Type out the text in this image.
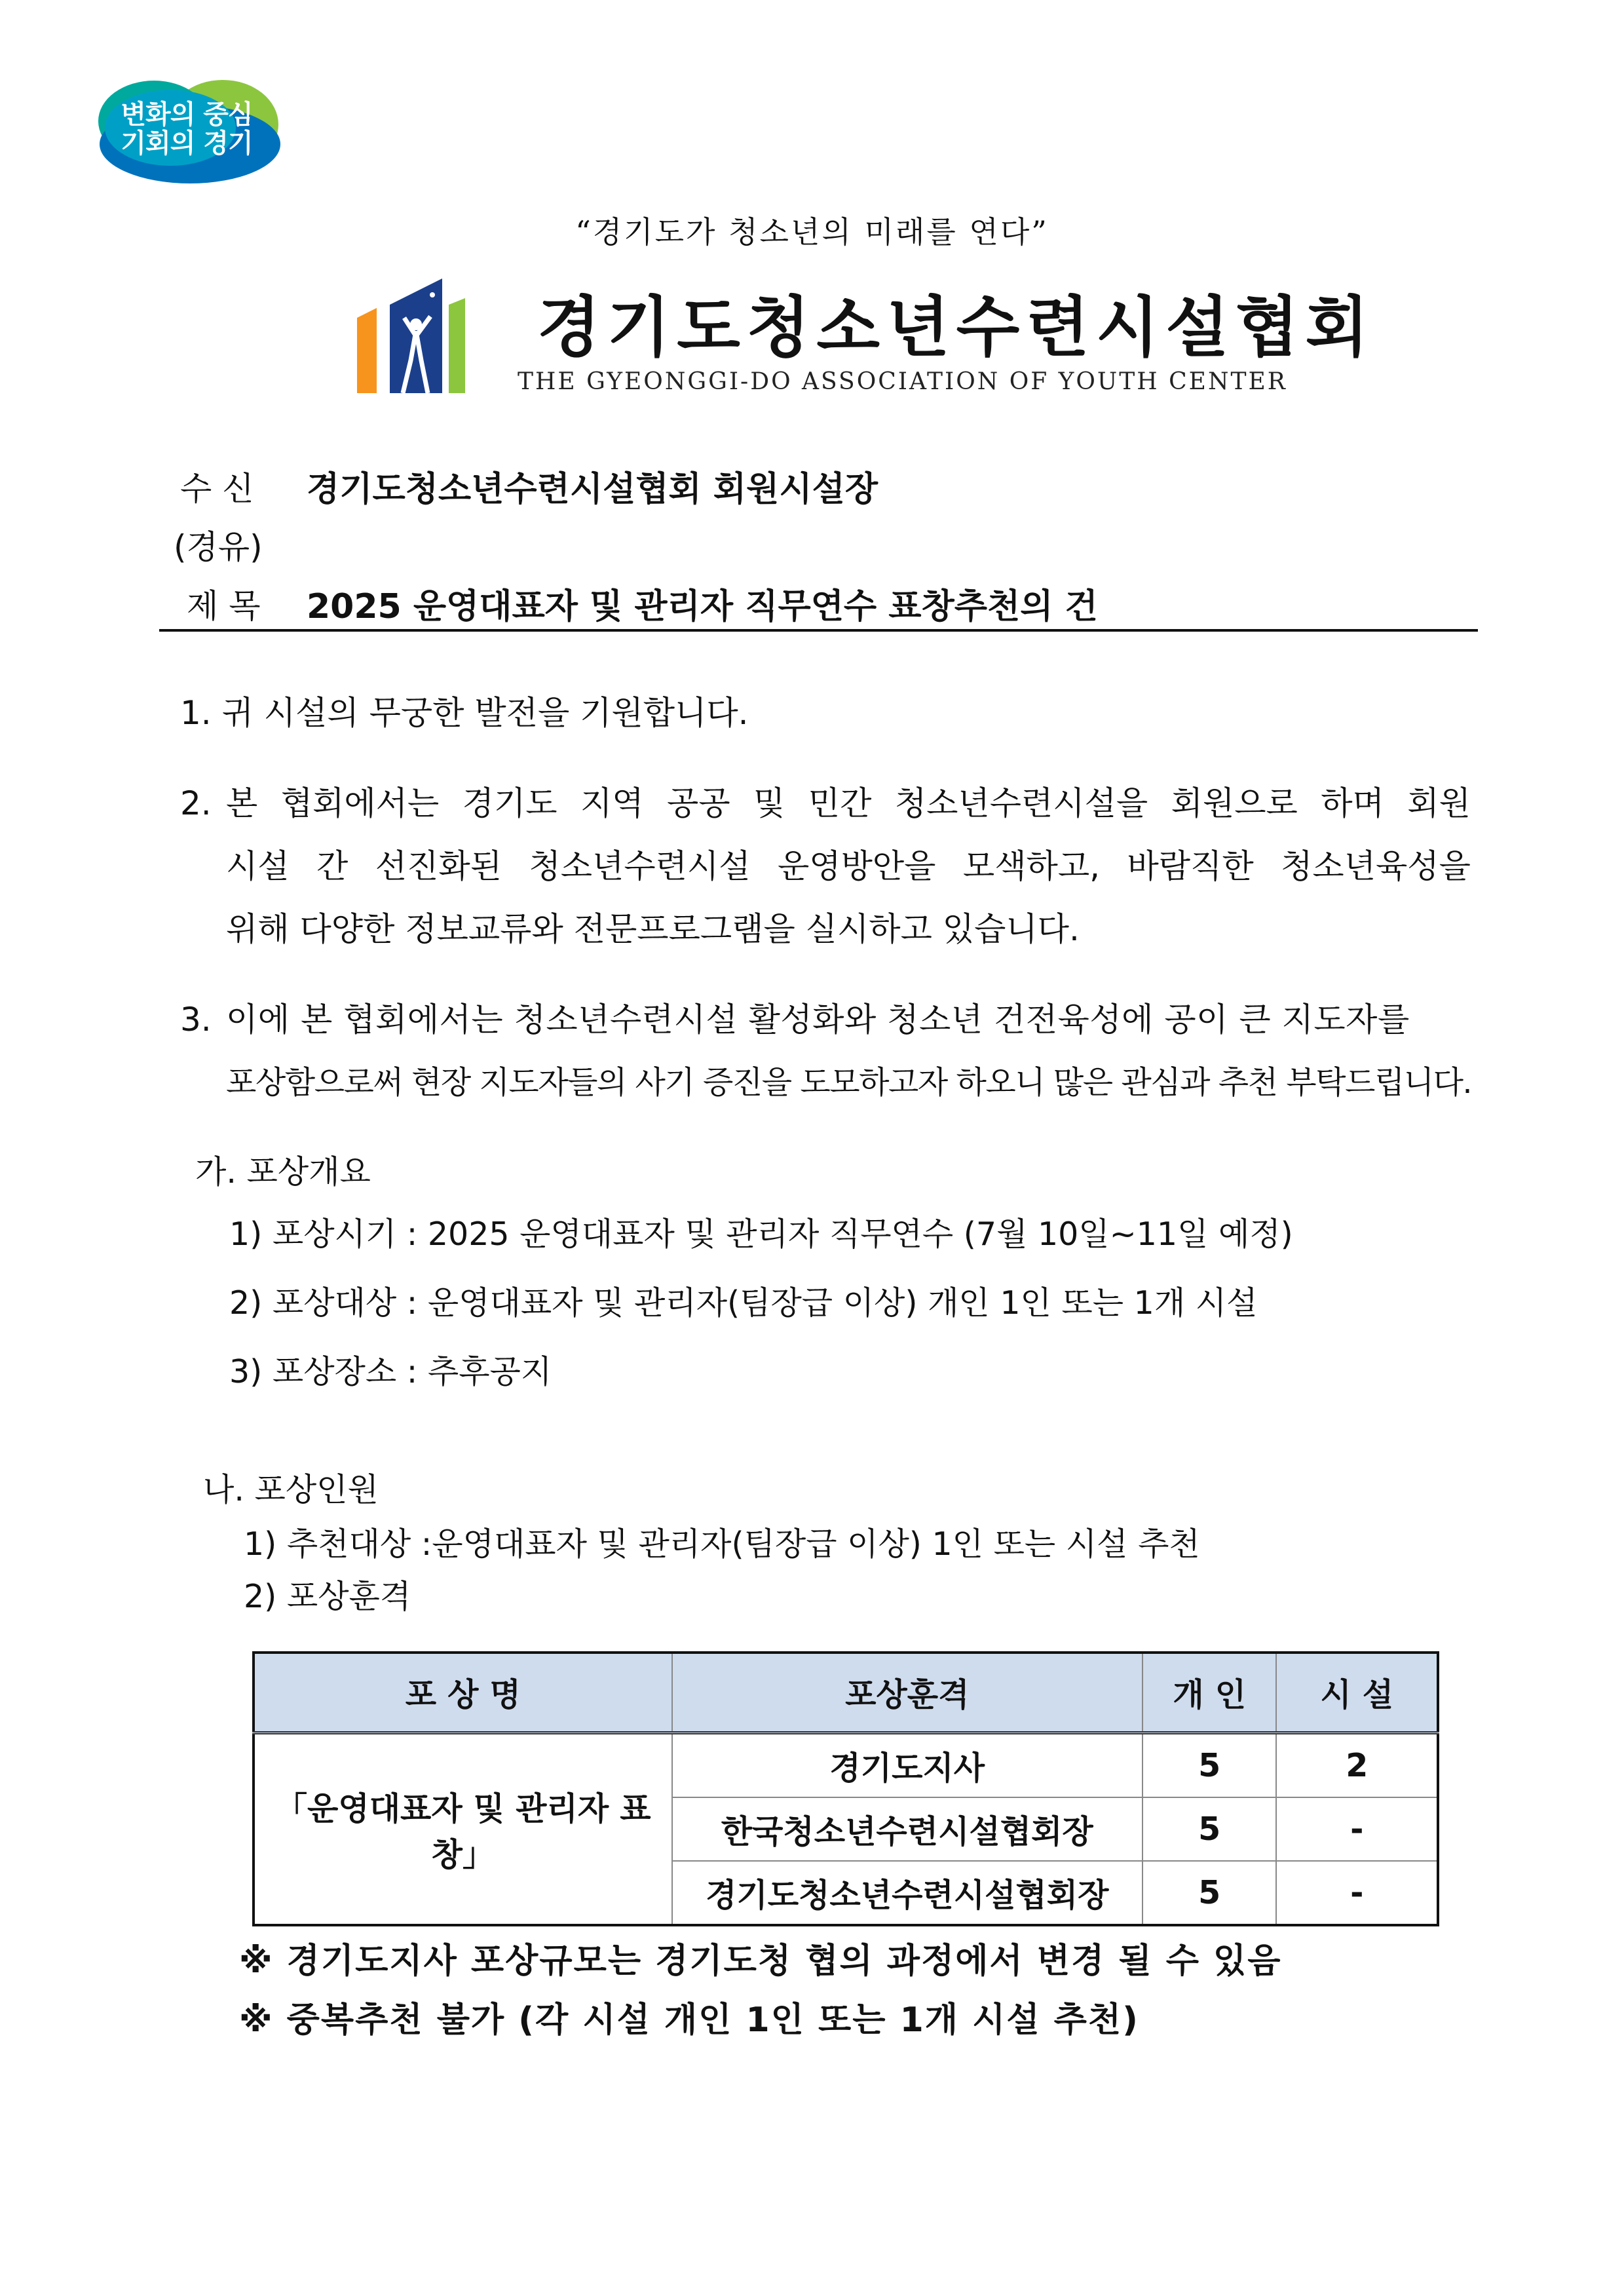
변화의 중심
기회의 경기
“경기도가 청소년의 미래를 연다”
경기도청소년수련시설협회
THE GYEONGGI-DO ASSOCIATION OF YOUTH CENTER
수 신 경기도청소년수련시설협회 회원시설장
(경유)
제 목 2025 운영대표자 및 관리자 직무연수 표창추천의 건
1. 귀 시설의 무궁한 발전을 기원합니다.
2. 본 협회에서는 경기도 지역 공공 및 민간 청소년수련시설을 회원으로 하며 회원
시설 간 선진화된 청소년수련시설 운영방안을 모색하고, 바람직한 청소년육성을
위해 다양한 정보교류와 전문프로그램을 실시하고 있습니다.
3. 이에 본 협회에서는 청소년수련시설 활성화와 청소년 건전육성에 공이 큰 지도자를
포상함으로써 현장 지도자들의 사기 증진을 도모하고자 하오니 많은 관심과 추천 부탁드립니다.
가. 포상개요
1) 포상시기 : 2025 운영대표자 및 관리자 직무연수 (7월 10일~11일 예정)
2) 포상대상 : 운영대표자 및 관리자(팀장급 이상) 개인 1인 또는 1개 시설
3) 포상장소 : 추후공지
나. 포상인원
1) 추천대상 :운영대표자 및 관리자(팀장급 이상) 1인 또는 시설 추천
2) 포상훈격
포 상 명	포상훈격	개 인	시 설
「운영대표자 및 관리자 표창」	경기도지사	5	2
	한국청소년수련시설협회장	5	-
	경기도청소년수련시설협회장	5	-
※ 경기도지사 포상규모는 경기도청 협의 과정에서 변경 될 수 있음
※ 중복추천 불가 (각 시설 개인 1인 또는 1개 시설 추천)
